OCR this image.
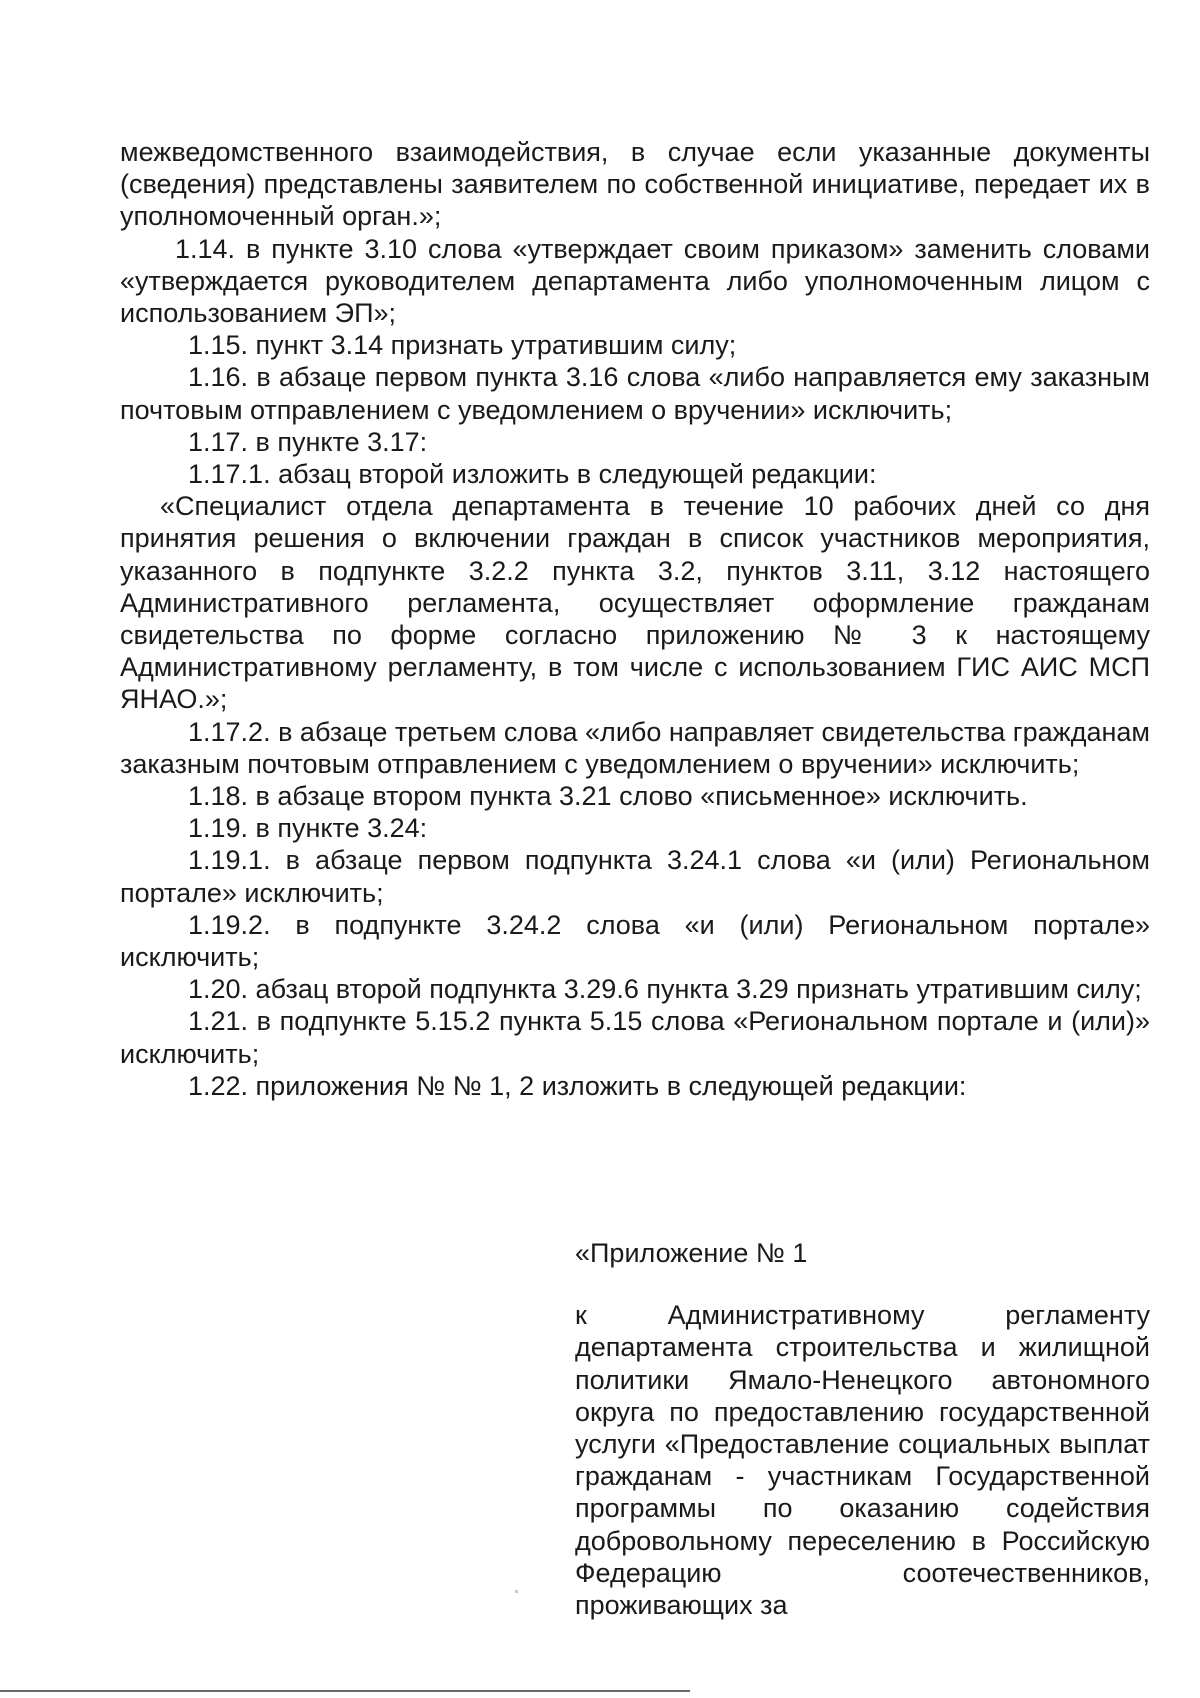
межведомственного взаимодействия, в случае если указанные документы (сведения) представлены заявителем по собственной инициативе, передает их в уполномоченный орган.»;

1.14. в пункте 3.10 слова «утверждает своим приказом» заменить словами «утверждается руководителем департамента либо уполномоченным лицом с использованием ЭП»;

1.15. пункт 3.14 признать утратившим силу;

1.16. в абзаце первом пункта 3.16 слова «либо направляется ему заказным почтовым отправлением с уведомлением о вручении» исключить;

1.17. в пункте 3.17:

1.17.1. абзац второй изложить в следующей редакции:

«Специалист отдела департамента в течение 10 рабочих дней со дня принятия решения о включении граждан в список участников мероприятия, указанного в подпункте 3.2.2 пункта 3.2, пунктов 3.11, 3.12 настоящего Административного регламента, осуществляет оформление гражданам свидетельства по форме согласно приложению № 3 к настоящему Административному регламенту, в том числе с использованием ГИС АИС МСП ЯНАО.»;

1.17.2. в абзаце третьем слова «либо направляет свидетельства гражданам заказным почтовым отправлением с уведомлением о вручении» исключить;

1.18. в абзаце втором пункта 3.21 слово «письменное» исключить.

1.19. в пункте 3.24:

1.19.1. в абзаце первом подпункта 3.24.1 слова «и (или) Региональном портале» исключить;

1.19.2. в подпункте 3.24.2 слова «и (или) Региональном портале» исключить;

1.20. абзац второй подпункта 3.29.6 пункта 3.29 признать утратившим силу;

1.21. в подпункте 5.15.2 пункта 5.15 слова «Региональном портале и (или)» исключить;

1.22. приложения № № 1, 2 изложить в следующей редакции:

«Приложение № 1

к Административному регламенту департамента строительства и жилищной политики Ямало-Ненецкого автономного округа по предоставлению государственной услуги «Предоставление социальных выплат гражданам - участникам Государственной программы по оказанию содействия добровольному переселению в Российскую Федерацию соотечественников, проживающих за
